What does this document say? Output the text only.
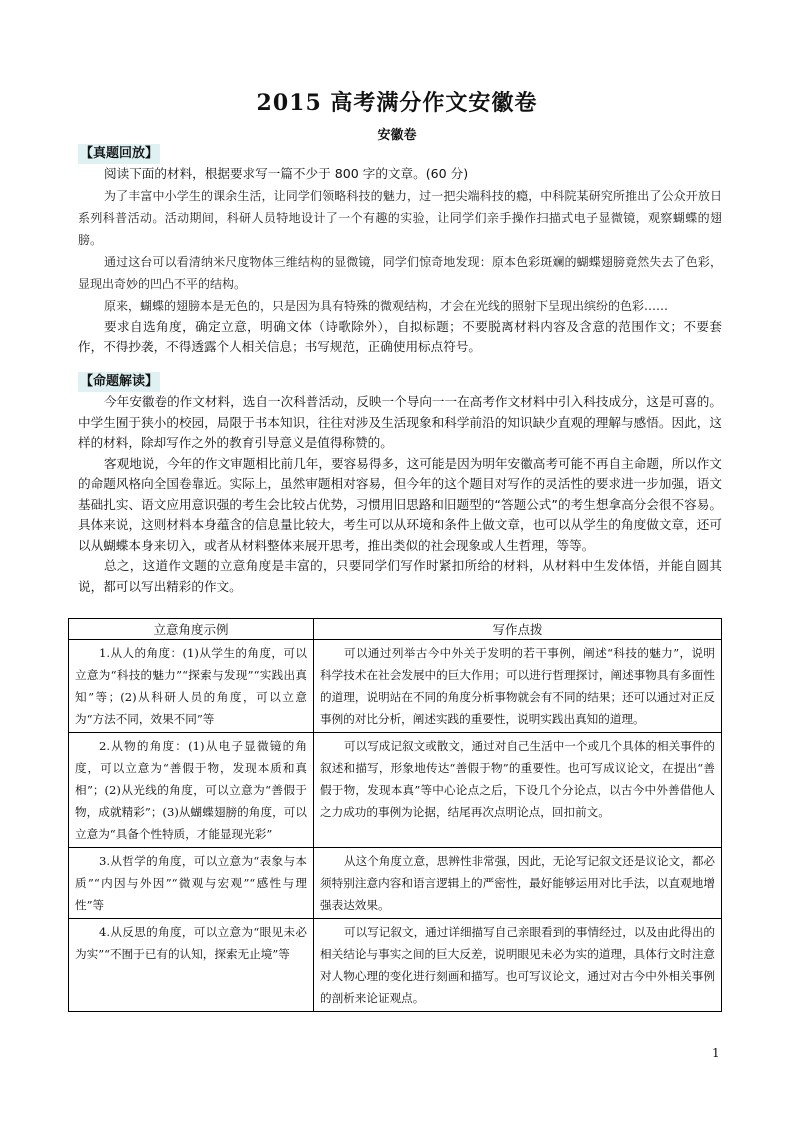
2015 高考满分作文安徽卷
安徽卷
【真题回放】

阅读下面的材料，根据要求写一篇不少于 800 字的文章。(60 分)

为了丰富中小学生的课余生活，让同学们领略科技的魅力，过一把尖端科技的瘾，中科院某研究所推出了公众开放日系列科普活动。活动期间，科研人员特地设计了一个有趣的实验，让同学们亲手操作扫描式电子显微镜，观察蝴蝶的翅膀。

通过这台可以看清纳米尺度物体三维结构的显微镜，同学们惊奇地发现：原本色彩斑斓的蝴蝶翅膀竟然失去了色彩，显现出奇妙的凹凸不平的结构。

原来，蝴蝶的翅膀本是无色的，只是因为具有特殊的微观结构，才会在光线的照射下呈现出缤纷的色彩……

要求自选角度，确定立意，明确文体（诗歌除外），自拟标题；不要脱离材料内容及含意的范围作文；不要套作，不得抄袭，不得透露个人相关信息；书写规范，正确使用标点符号。

【命题解读】

今年安徽卷的作文材料，选自一次科普活动，反映一个导向一一在高考作文材料中引入科技成分，这是可喜的。中学生囿于狭小的校园，局限于书本知识，往往对涉及生活现象和科学前沿的知识缺少直观的理解与感悟。因此，这样的材料，除却写作之外的教育引导意义是值得称赞的。

客观地说，今年的作文审题相比前几年，要容易得多，这可能是因为明年安徽高考可能不再自主命题，所以作文的命题风格向全国卷靠近。实际上，虽然审题相对容易，但今年的这个题目对写作的灵活性的要求进一步加强，语文基础扎实、语文应用意识强的考生会比较占优势，习惯用旧思路和旧题型的“答题公式”的考生想拿高分会很不容易。具体来说，这则材料本身蕴含的信息量比较大，考生可以从环境和条件上做文章，也可以从学生的角度做文章，还可以从蝴蝶本身来切入，或者从材料整体来展开思考，推出类似的社会现象或人生哲理，等等。

总之，这道作文题的立意角度是丰富的，只要同学们写作时紧扣所给的材料，从材料中生发体悟，并能自圆其说，都可以写出精彩的作文。

立意角度示例	写作点拨
1.从人的角度：(1)从学生的角度，可以立意为“科技的魅力”“探索与发现”“实践出真知”等；(2)从科研人员的角度，可以立意为“方法不同，效果不同”等	可以通过列举古今中外关于发明的若干事例，阐述“科技的魅力”，说明科学技术在社会发展中的巨大作用；可以进行哲理探讨，阐述事物具有多面性的道理，说明站在不同的角度分析事物就会有不同的结果；还可以通过对正反事例的对比分析，阐述实践的重要性，说明实践出真知的道理。
2.从物的角度：(1)从电子显微镜的角度，可以立意为“善假于物，发现本质和真相”；(2)从光线的角度，可以立意为“善假于物，成就精彩”；(3)从蝴蝶翅膀的角度，可以立意为“具备个性特质，才能显现光彩”	可以写成记叙文或散文，通过对自己生活中一个或几个具体的相关事件的叙述和描写，形象地传达“善假于物”的重要性。也可写成议论文，在提出“善假于物，发现本真”等中心论点之后，下设几个分论点，以古今中外善借他人之力成功的事例为论据，结尾再次点明论点，回扣前文。
3.从哲学的角度，可以立意为“表象与本质”“内因与外因”“微观与宏观”“感性与理性”等	从这个角度立意，思辨性非常强，因此，无论写记叙文还是议论文，都必须特别注意内容和语言逻辑上的严密性，最好能够运用对比手法，以直观地增强表达效果。
4.从反思的角度，可以立意为“眼见未必为实”“不囿于已有的认知，探索无止境”等	可以写记叙文，通过详细描写自己亲眼看到的事情经过，以及由此得出的相关结论与事实之间的巨大反差，说明眼见未必为实的道理，具体行文时注意对人物心理的变化进行刻画和描写。也可写议论文，通过对古今中外相关事例的剖析来论证观点。
1
